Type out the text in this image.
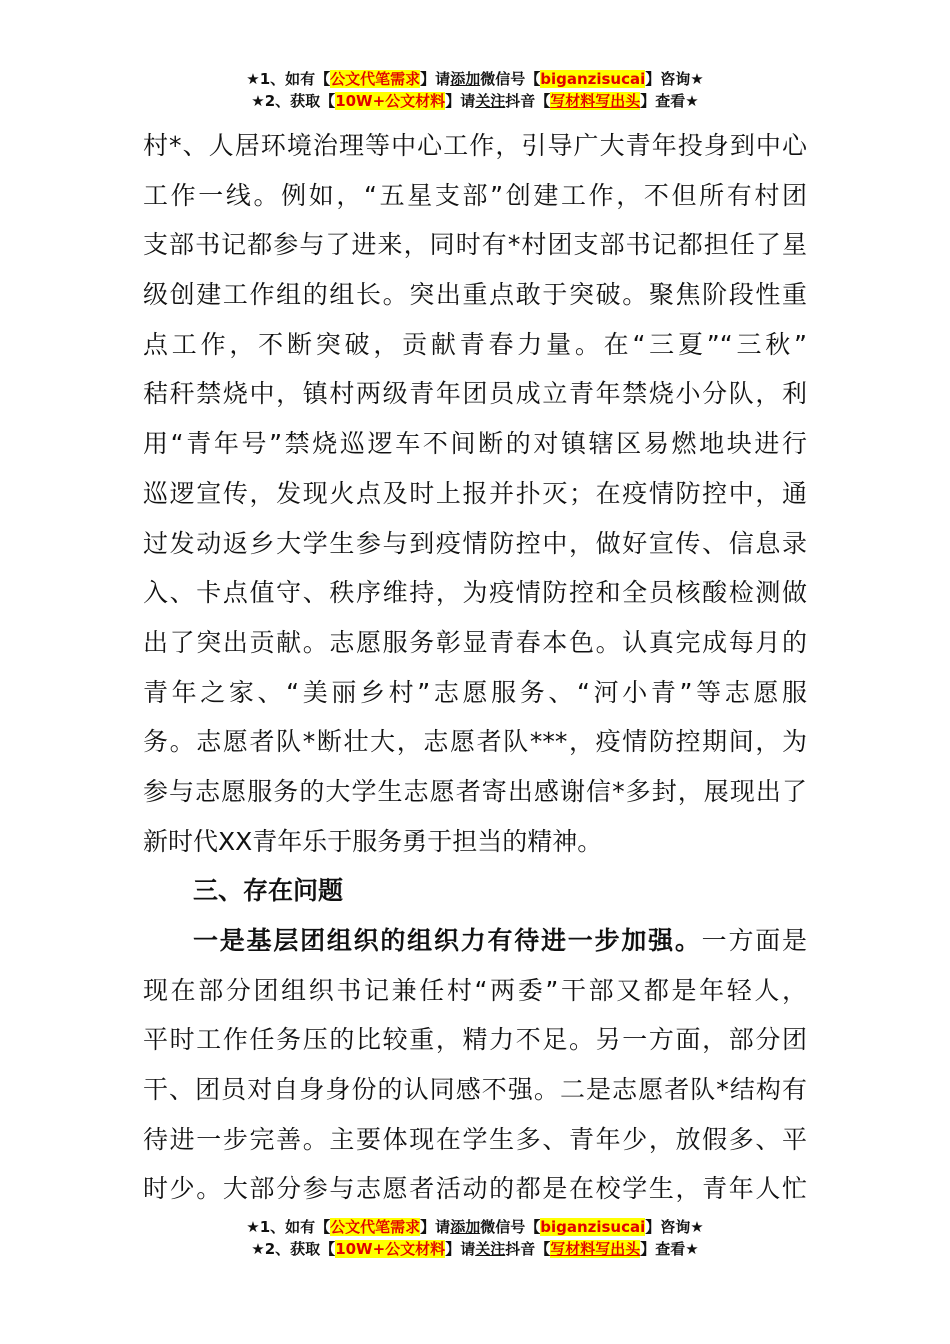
★1、如有【公文代笔需求】请添加微信号【biganzisucai】咨询★
★2、获取【10W+公文材料】请关注抖音【写材料写出头】查看★
村*、人居环境治理等中心工作，引导广大青年投身到中心
工作一线。例如，“五星支部”创建工作，不但所有村团
支部书记都参与了进来，同时有*村团支部书记都担任了星
级创建工作组的组长。突出重点敢于突破。聚焦阶段性重
点工作，不断突破，贡献青春力量。在“三夏”“三秋”
秸秆禁烧中，镇村两级青年团员成立青年禁烧小分队，利
用“青年号”禁烧巡逻车不间断的对镇辖区易燃地块进行
巡逻宣传，发现火点及时上报并扑灭；在疫情防控中，通
过发动返乡大学生参与到疫情防控中，做好宣传、信息录
入、卡点值守、秩序维持，为疫情防控和全员核酸检测做
出了突出贡献。志愿服务彰显青春本色。认真完成每月的
青年之家、“美丽乡村”志愿服务、“河小青”等志愿服
务。志愿者队*断壮大，志愿者队***，疫情防控期间，为
参与志愿服务的大学生志愿者寄出感谢信*多封，展现出了
新时代XX青年乐于服务勇于担当的精神。
三、存在问题
一是基层团组织的组织力有待进一步加强。一方面是
现在部分团组织书记兼任村“两委”干部又都是年轻人，
平时工作任务压的比较重，精力不足。另一方面，部分团
干、团员对自身身份的认同感不强。二是志愿者队*结构有
待进一步完善。主要体现在学生多、青年少，放假多、平
时少。大部分参与志愿者活动的都是在校学生，青年人忙
★1、如有【公文代笔需求】请添加微信号【biganzisucai】咨询★
★2、获取【10W+公文材料】请关注抖音【写材料写出头】查看★
